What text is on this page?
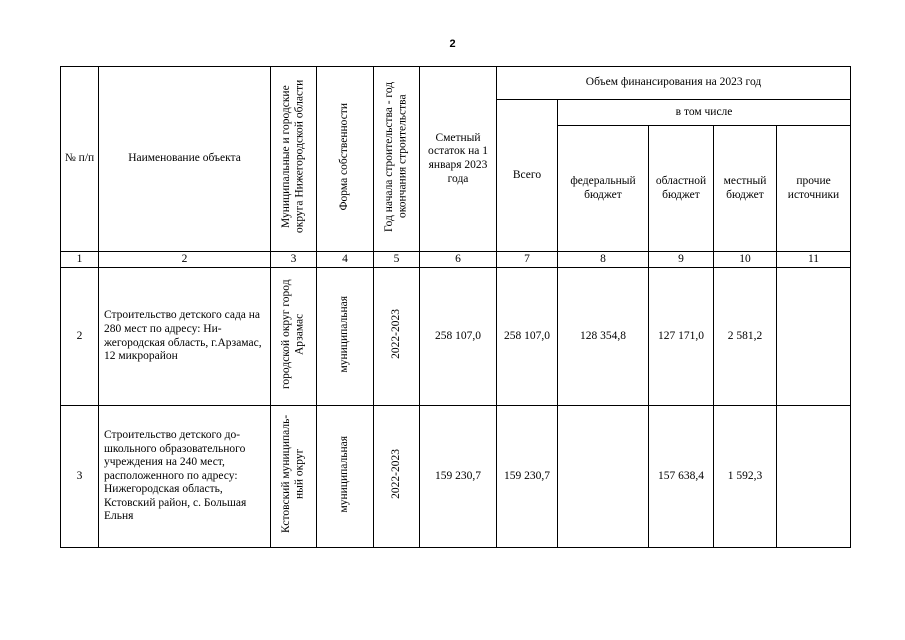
2
№ п/п	Наименование объекта	Муниципальные и городские округа Нижегородской области	Форма собственности	Год начала строительства - год окончания строительства	Сметный остаток на 1 января 2023 года	Объем финансирования на 2023 год				
						Всего	в том числе			
							федеральный бюджет	областной бюджет	местный бюджет	прочие источники
1	2	3	4	5	6	7	8	9	10	11
2	Строительство детского сада на 280 мест по адресу: Ни-жегородская область, г.Арзамас, 12 микрорайон	городской округ город Арзамас	муниципальная	2022-2023	258 107,0	258 107,0	128 354,8	127 171,0	2 581,2	
3	Строительство детского до-школьного образовательного учреждения на 240 мест, расположенного по адресу: Нижегородская область, Кстовский район, с. Большая Ельня	Кстовский муниципаль-ный округ	муниципальная	2022-2023	159 230,7	159 230,7		157 638,4	1 592,3	
